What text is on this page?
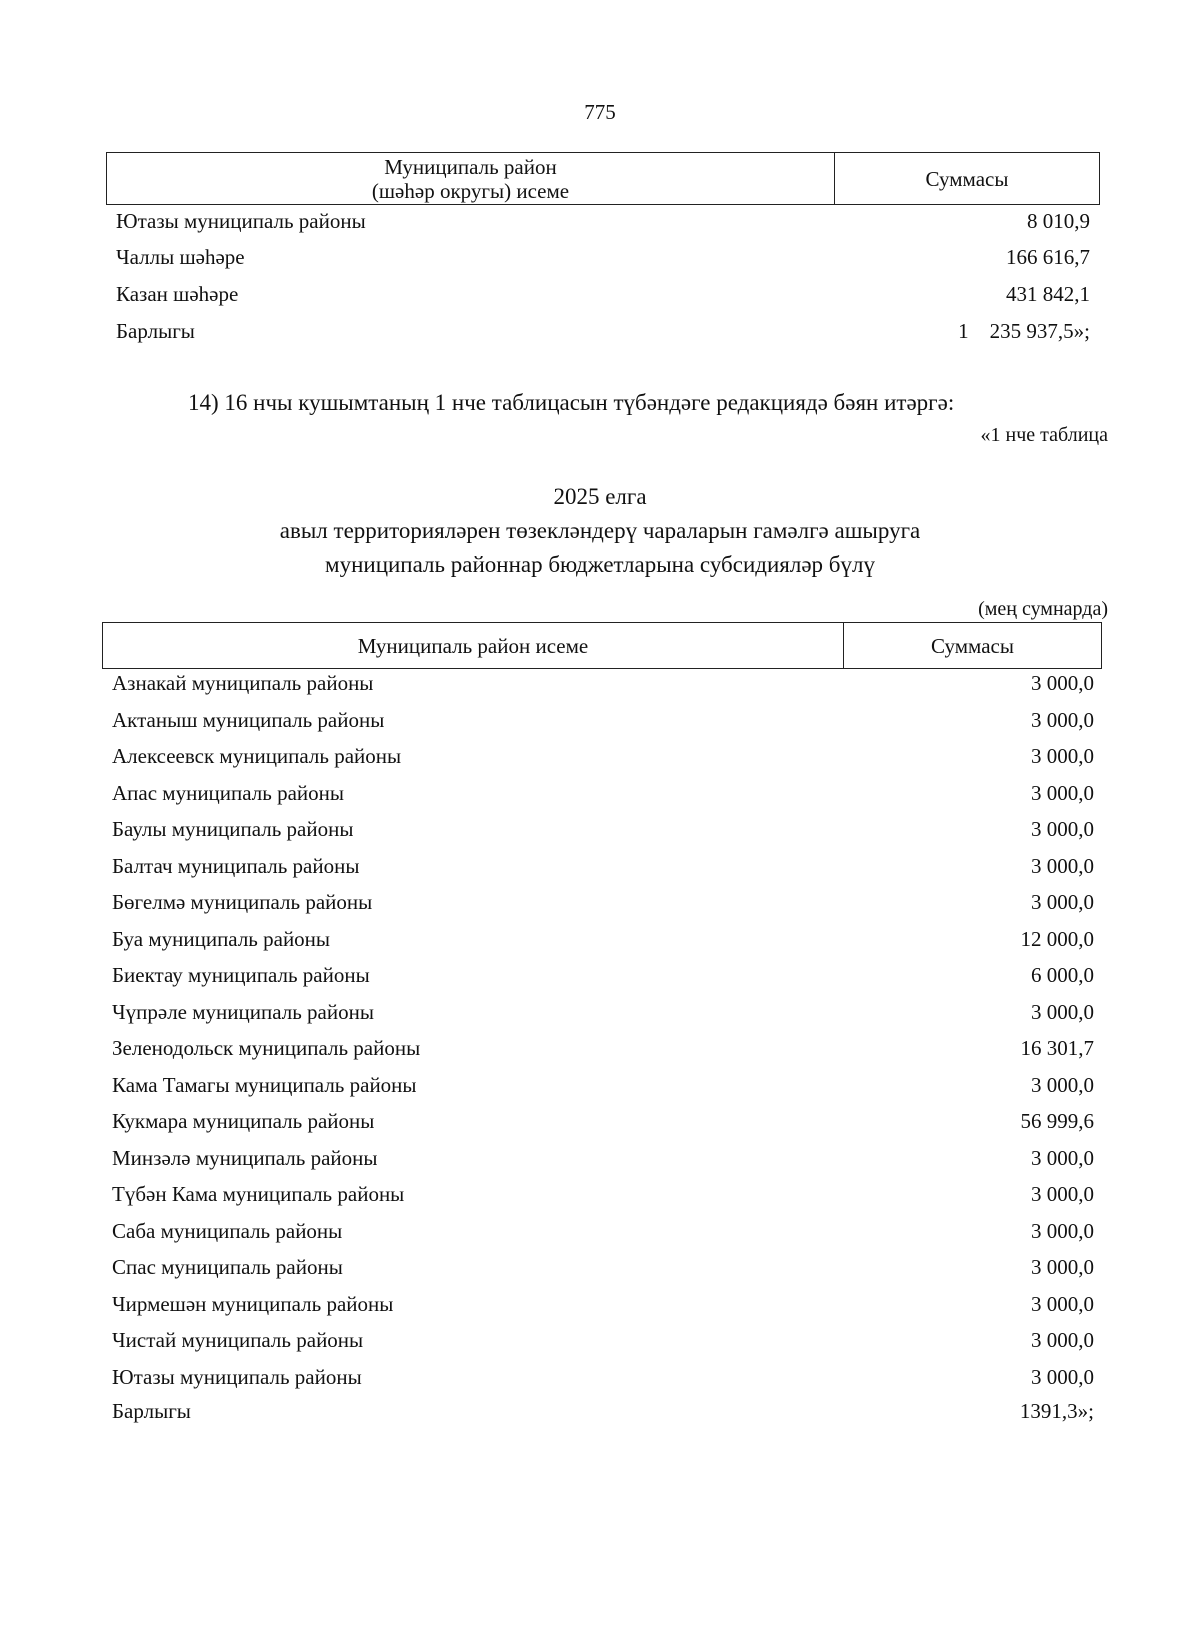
775
Муниципаль район
(шәһәр округы) исеме	Суммасы
Ютазы муниципаль районы	8 010,9
Чаллы шәһәре	166 616,7
Казан шәһәре	431 842,1
Барлыгы	1    235 937,5»;
14) 16 нчы кушымтаның 1 нче таблицасын түбәндәге редакциядә бәян итәргә:
«1 нче таблица
2025 елга
авыл территорияләрен төзекләндерү чараларын гамәлгә ашыруга
муниципаль районнар бюджетларына субсидияләр бүлү
(мең сумнарда)
Муниципаль район исеме	Суммасы
Азнакай муниципаль районы	3 000,0
Актаныш муниципаль районы	3 000,0
Алексеевск муниципаль районы	3 000,0
Апас муниципаль районы	3 000,0
Баулы муниципаль районы	3 000,0
Балтач муниципаль районы	3 000,0
Бөгелмә муниципаль районы	3 000,0
Буа муниципаль районы	12 000,0
Биектау муниципаль районы	6 000,0
Чүпрәле муниципаль районы	3 000,0
Зеленодольск муниципаль районы	16 301,7
Кама Тамагы муниципаль районы	3 000,0
Кукмара муниципаль районы	56 999,6
Минзәлә муниципаль районы	3 000,0
Түбән Кама муниципаль районы	3 000,0
Саба муниципаль районы	3 000,0
Спас муниципаль районы	3 000,0
Чирмешән муниципаль районы	3 000,0
Чистай муниципаль районы	3 000,0
Ютазы муниципаль районы	3 000,0
Барлыгы	1391,3»;
